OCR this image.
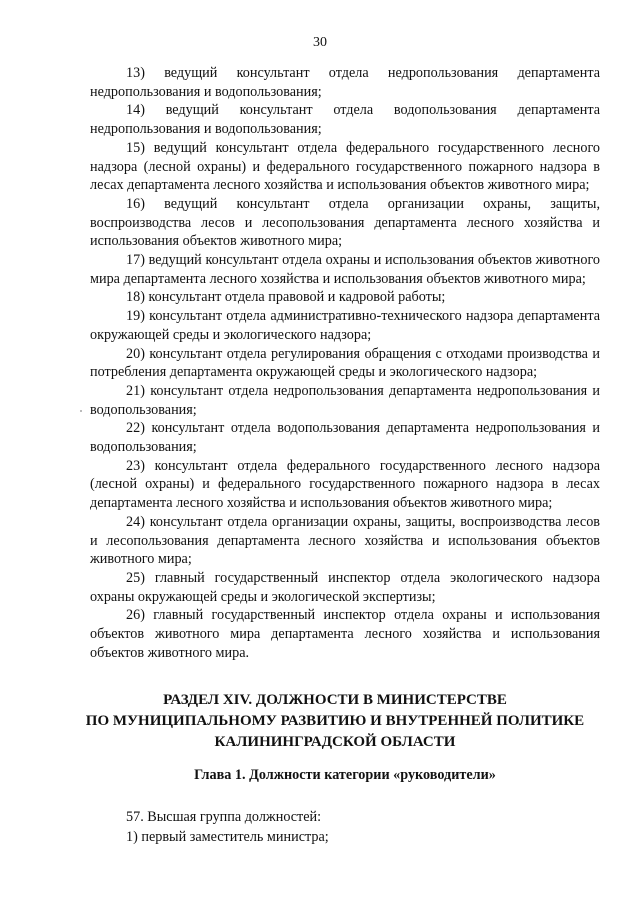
30

13) ведущий консультант отдела недропользования департамента недропользования и водопользования;

14) ведущий консультант отдела водопользования департамента недропользования и водопользования;

15) ведущий консультант отдела федерального государственного лесного надзора (лесной охраны) и федерального государственного пожарного надзора в лесах департамента лесного хозяйства и использования объектов животного мира;

16) ведущий консультант отдела организации охраны, защиты, воспроизводства лесов и лесопользования департамента лесного хозяйства и использования объектов животного мира;

17) ведущий консультант отдела охраны и использования объектов животного мира департамента лесного хозяйства и использования объектов животного мира;

18) консультант отдела правовой и кадровой работы;

19) консультант отдела административно-технического надзора департамента окружающей среды и экологического надзора;

20) консультант отдела регулирования обращения с отходами производства и потребления департамента окружающей среды и экологического надзора;

21) консультант отдела недропользования департамента недропользования и водопользования;

22) консультант отдела водопользования департамента недропользования и водопользования;

23) консультант отдела федерального государственного лесного надзора (лесной охраны) и федерального государственного пожарного надзора в лесах департамента лесного хозяйства и использования объектов животного мира;

24) консультант отдела организации охраны, защиты, воспроизводства лесов и лесопользования департамента лесного хозяйства и использования объектов животного мира;

25) главный государственный инспектор отдела экологического надзора охраны окружающей среды и экологической экспертизы;

26) главный государственный инспектор отдела охраны и использования объектов животного мира департамента лесного хозяйства и использования объектов животного мира.

РАЗДЕЛ XIV. ДОЛЖНОСТИ В МИНИСТЕРСТВЕ
ПО МУНИЦИПАЛЬНОМУ РАЗВИТИЮ И ВНУТРЕННЕЙ ПОЛИТИКЕ
КАЛИНИНГРАДСКОЙ ОБЛАСТИ
Глава 1. Должности категории «руководители»

57. Высшая группа должностей:

1) первый заместитель министра;
